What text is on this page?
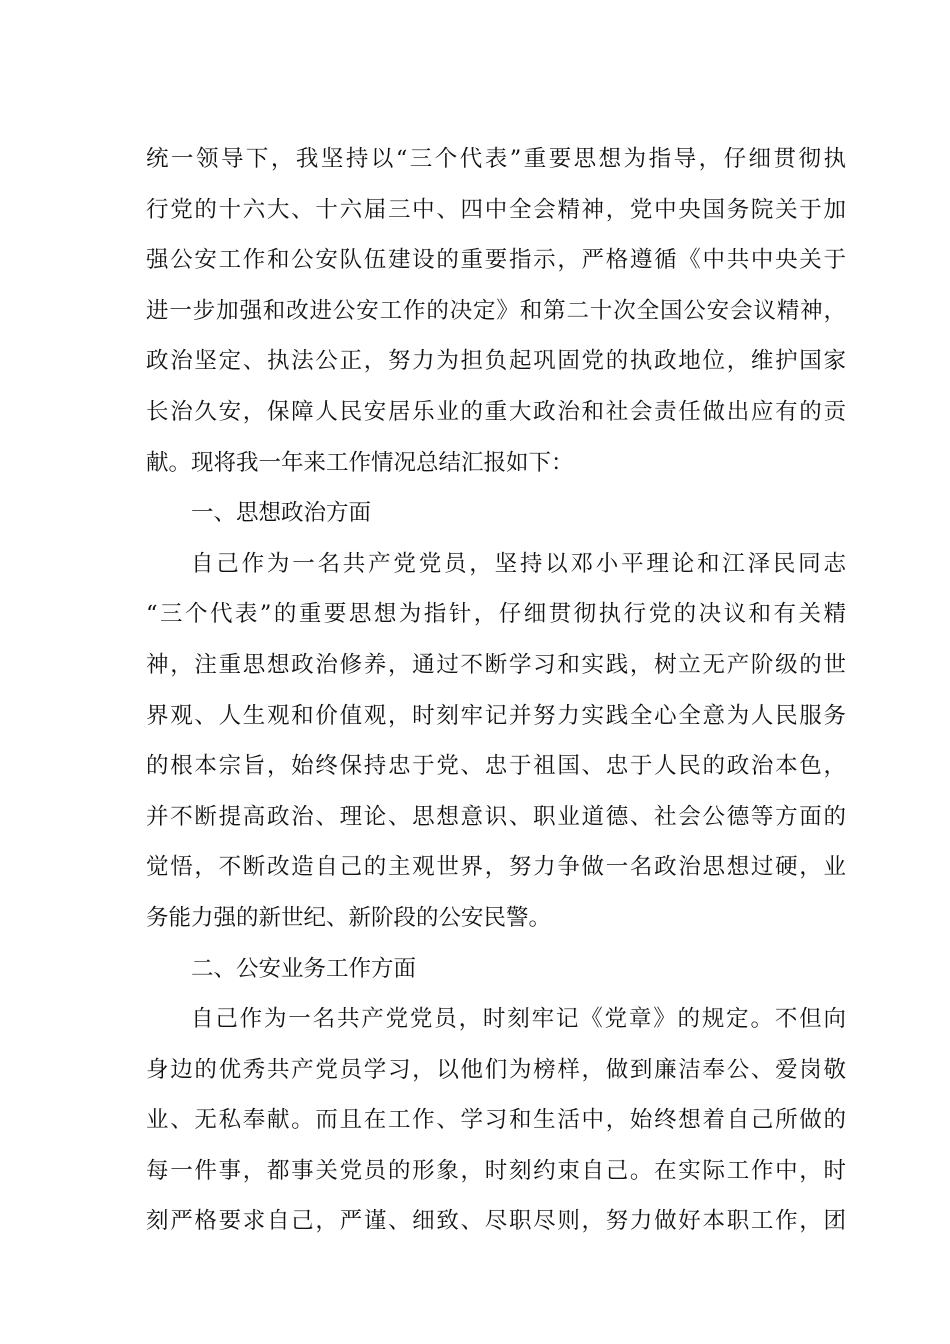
统一领导下，我坚持以“三个代表”重要思想为指导，仔细贯彻执
行党的十六大、十六届三中、四中全会精神，党中央国务院关于加
强公安工作和公安队伍建设的重要指示，严格遵循《中共中央关于
进一步加强和改进公安工作的决定》和第二十次全国公安会议精神，
政治坚定、执法公正，努力为担负起巩固党的执政地位，维护国家
长治久安，保障人民安居乐业的重大政治和社会责任做出应有的贡
献。现将我一年来工作情况总结汇报如下：
一、思想政治方面
自己作为一名共产党党员，坚持以邓小平理论和江泽民同志
“三个代表”的重要思想为指针，仔细贯彻执行党的决议和有关精
神，注重思想政治修养，通过不断学习和实践，树立无产阶级的世
界观、人生观和价值观，时刻牢记并努力实践全心全意为人民服务
的根本宗旨，始终保持忠于党、忠于祖国、忠于人民的政治本色，
并不断提高政治、理论、思想意识、职业道德、社会公德等方面的
觉悟，不断改造自己的主观世界，努力争做一名政治思想过硬，业
务能力强的新世纪、新阶段的公安民警。
二、公安业务工作方面
自己作为一名共产党党员，时刻牢记《党章》的规定。不但向
身边的优秀共产党员学习，以他们为榜样，做到廉洁奉公、爱岗敬
业、无私奉献。而且在工作、学习和生活中，始终想着自己所做的
每一件事，都事关党员的形象，时刻约束自己。在实际工作中，时
刻严格要求自己，严谨、细致、尽职尽则，努力做好本职工作，团
